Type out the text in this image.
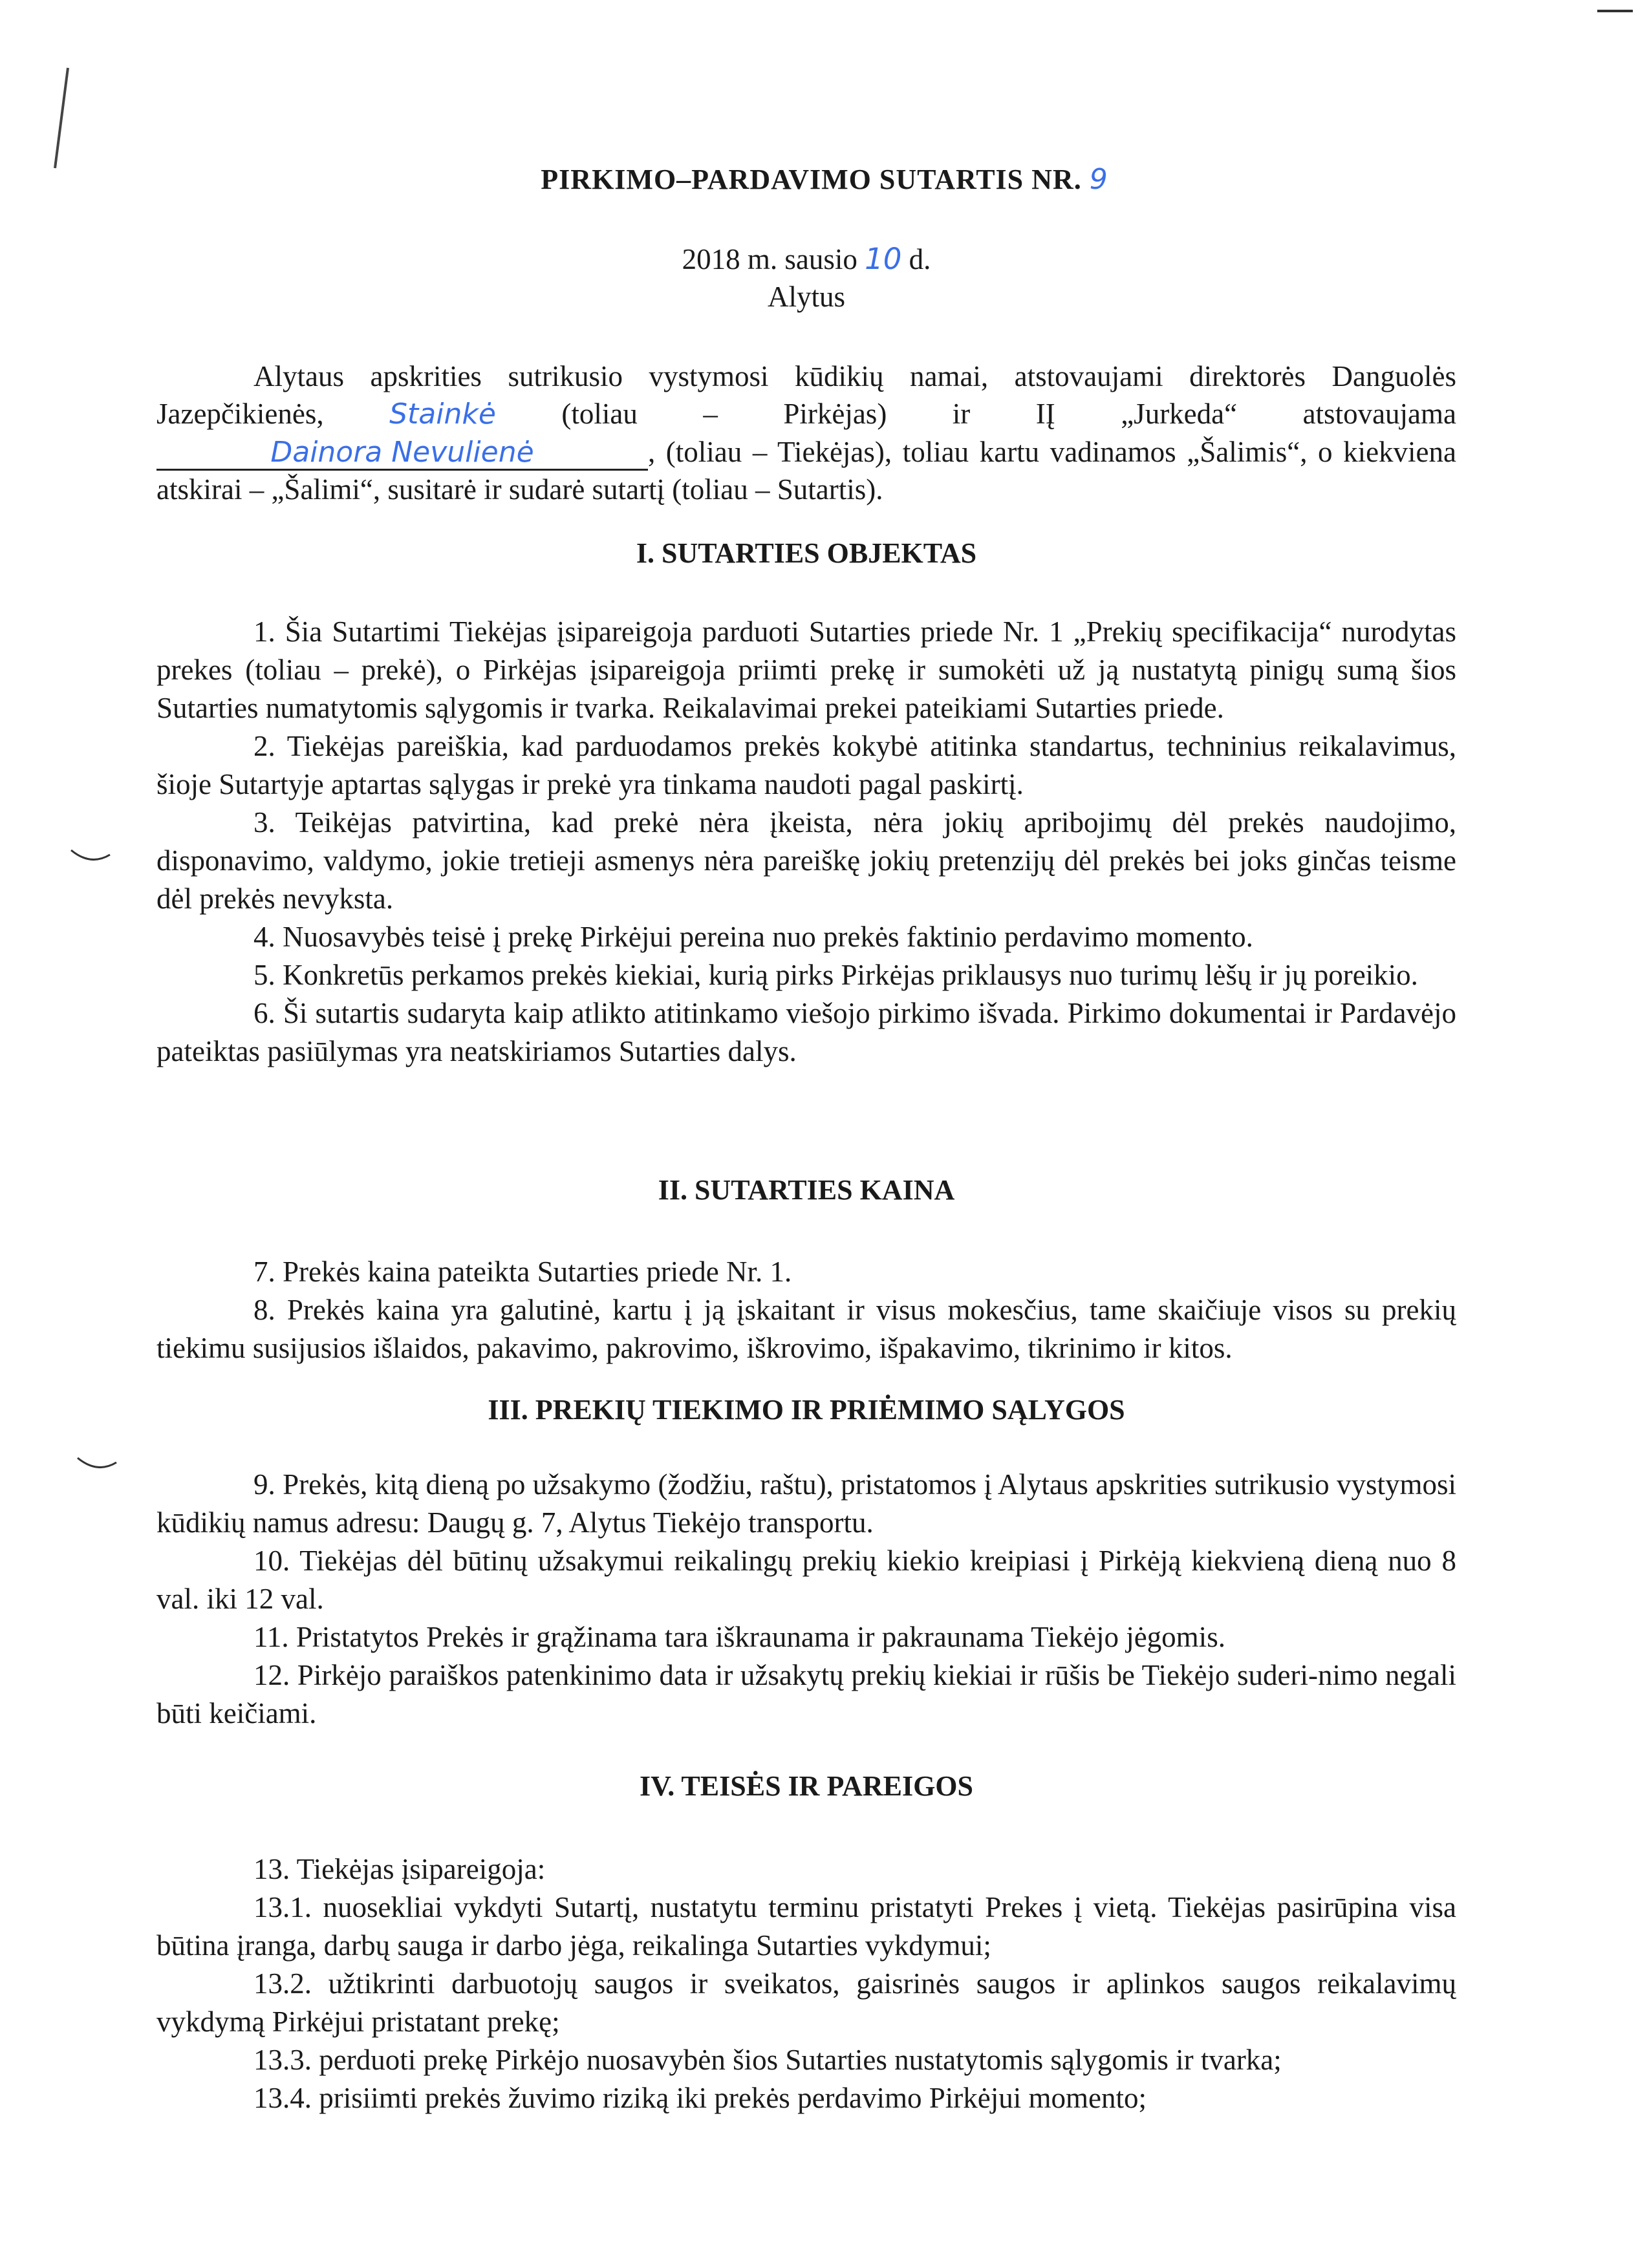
PIRKIMO–PARDAVIMO SUTARTIS NR. 9
2018 m. sausio 10 d.
Alytus

Alytaus apskrities sutrikusio vystymosi kūdikių namai, atstovaujami direktorės Danguolės Jazepčikienės, Stainkė (toliau – Pirkėjas) ir IĮ „Jurkeda“ atstovaujama Dainora Nevulienė	, (toliau – Tiekėjas), toliau kartu vadinamos „Šalimis“, o kiekviena atskirai – „Šalimi“, susitarė ir sudarė sutartį (toliau – Sutartis).

I. SUTARTIES OBJEKTAS

1. Šia Sutartimi Tiekėjas įsipareigoja parduoti Sutarties priede Nr. 1 „Prekių specifikacija“ nurodytas prekes (toliau – prekė), o Pirkėjas įsipareigoja priimti prekę ir sumokėti už ją nustatytą pinigų sumą šios Sutarties numatytomis sąlygomis ir tvarka. Reikalavimai prekei pateikiami Sutarties priede.

2. Tiekėjas pareiškia, kad parduodamos prekės kokybė atitinka standartus, techninius reikalavimus, šioje Sutartyje aptartas sąlygas ir prekė yra tinkama naudoti pagal paskirtį.

3. Teikėjas patvirtina, kad prekė nėra įkeista, nėra jokių apribojimų dėl prekės naudojimo, disponavimo, valdymo, jokie tretieji asmenys nėra pareiškę jokių pretenzijų dėl prekės bei joks ginčas teisme dėl prekės nevyksta.

4. Nuosavybės teisė į prekę Pirkėjui pereina nuo prekės faktinio perdavimo momento.

5. Konkretūs perkamos prekės kiekiai, kurią pirks Pirkėjas priklausys nuo turimų lėšų ir jų poreikio.

6. Ši sutartis sudaryta kaip atlikto atitinkamo viešojo pirkimo išvada. Pirkimo dokumentai ir Pardavėjo pateiktas pasiūlymas yra neatskiriamos Sutarties dalys.

II. SUTARTIES KAINA

7. Prekės kaina pateikta Sutarties priede Nr. 1.

8. Prekės kaina yra galutinė, kartu į ją įskaitant ir visus mokesčius, tame skaičiuje visos su prekių tiekimu susijusios išlaidos, pakavimo, pakrovimo, iškrovimo, išpakavimo, tikrinimo ir kitos.

III. PREKIŲ TIEKIMO IR PRIĖMIMO SĄLYGOS

9. Prekės, kitą dieną po užsakymo (žodžiu, raštu), pristatomos į Alytaus apskrities sutrikusio vystymosi kūdikių namus adresu: Daugų g. 7, Alytus Tiekėjo transportu.

10. Tiekėjas dėl būtinų užsakymui reikalingų prekių kiekio kreipiasi į Pirkėją kiekvieną dieną nuo 8 val. iki 12 val.

11. Pristatytos Prekės ir grąžinama tara iškraunama ir pakraunama Tiekėjo jėgomis.

12. Pirkėjo paraiškos patenkinimo data ir užsakytų prekių kiekiai ir rūšis be Tiekėjo suderi-nimo negali būti keičiami.

IV. TEISĖS IR PAREIGOS

13. Tiekėjas įsipareigoja:

13.1. nuosekliai vykdyti Sutartį, nustatytu terminu pristatyti Prekes į vietą. Tiekėjas pasirūpina visa būtina įranga, darbų sauga ir darbo jėga, reikalinga Sutarties vykdymui;

13.2. užtikrinti darbuotojų saugos ir sveikatos, gaisrinės saugos ir aplinkos saugos reikalavimų vykdymą Pirkėjui pristatant prekę;

13.3. perduoti prekę Pirkėjo nuosavybėn šios Sutarties nustatytomis sąlygomis ir tvarka;

13.4. prisiimti prekės žuvimo riziką iki prekės perdavimo Pirkėjui momento;
